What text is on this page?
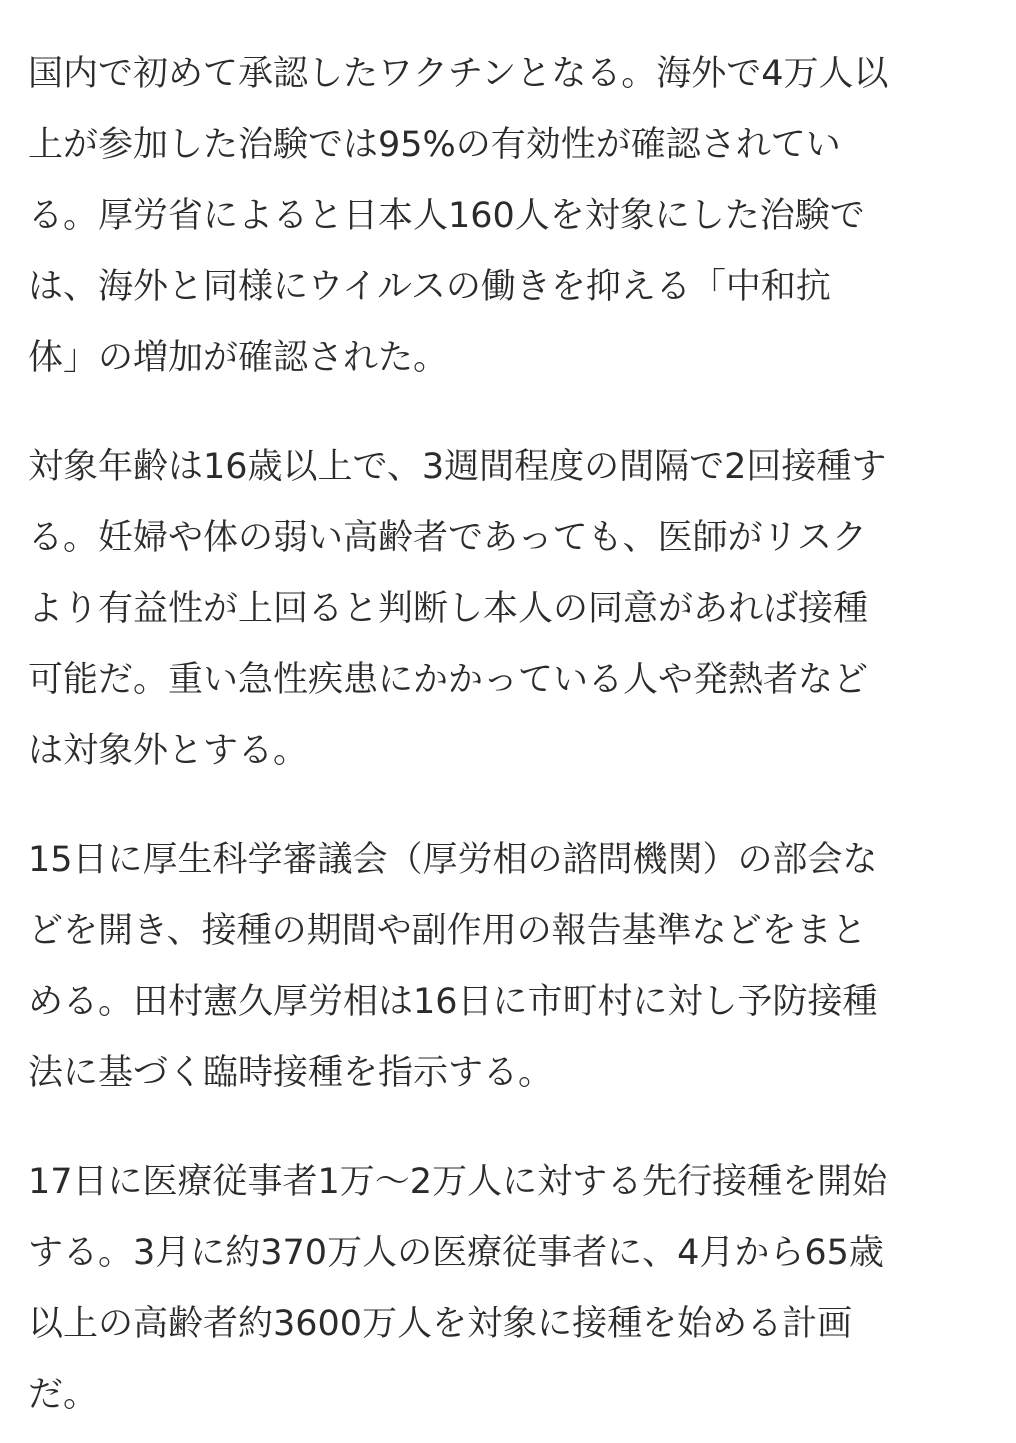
国内で初めて承認したワクチンとなる。海外で4万人以
上が参加した治験では95%の有効性が確認されてい
る。厚労省によると日本人160人を対象にした治験で
は、海外と同様にウイルスの働きを抑える「中和抗
体」の増加が確認された。
対象年齢は16歳以上で、3週間程度の間隔で2回接種す
る。妊婦や体の弱い高齢者であっても、医師がリスク
より有益性が上回ると判断し本人の同意があれば接種
可能だ。重い急性疾患にかかっている人や発熱者など
は対象外とする。
15日に厚生科学審議会（厚労相の諮問機関）の部会な
どを開き、接種の期間や副作用の報告基準などをまと
める。田村憲久厚労相は16日に市町村に対し予防接種
法に基づく臨時接種を指示する。
17日に医療従事者1万～2万人に対する先行接種を開始
する。3月に約370万人の医療従事者に、4月から65歳
以上の高齢者約3600万人を対象に接種を始める計画
だ。
